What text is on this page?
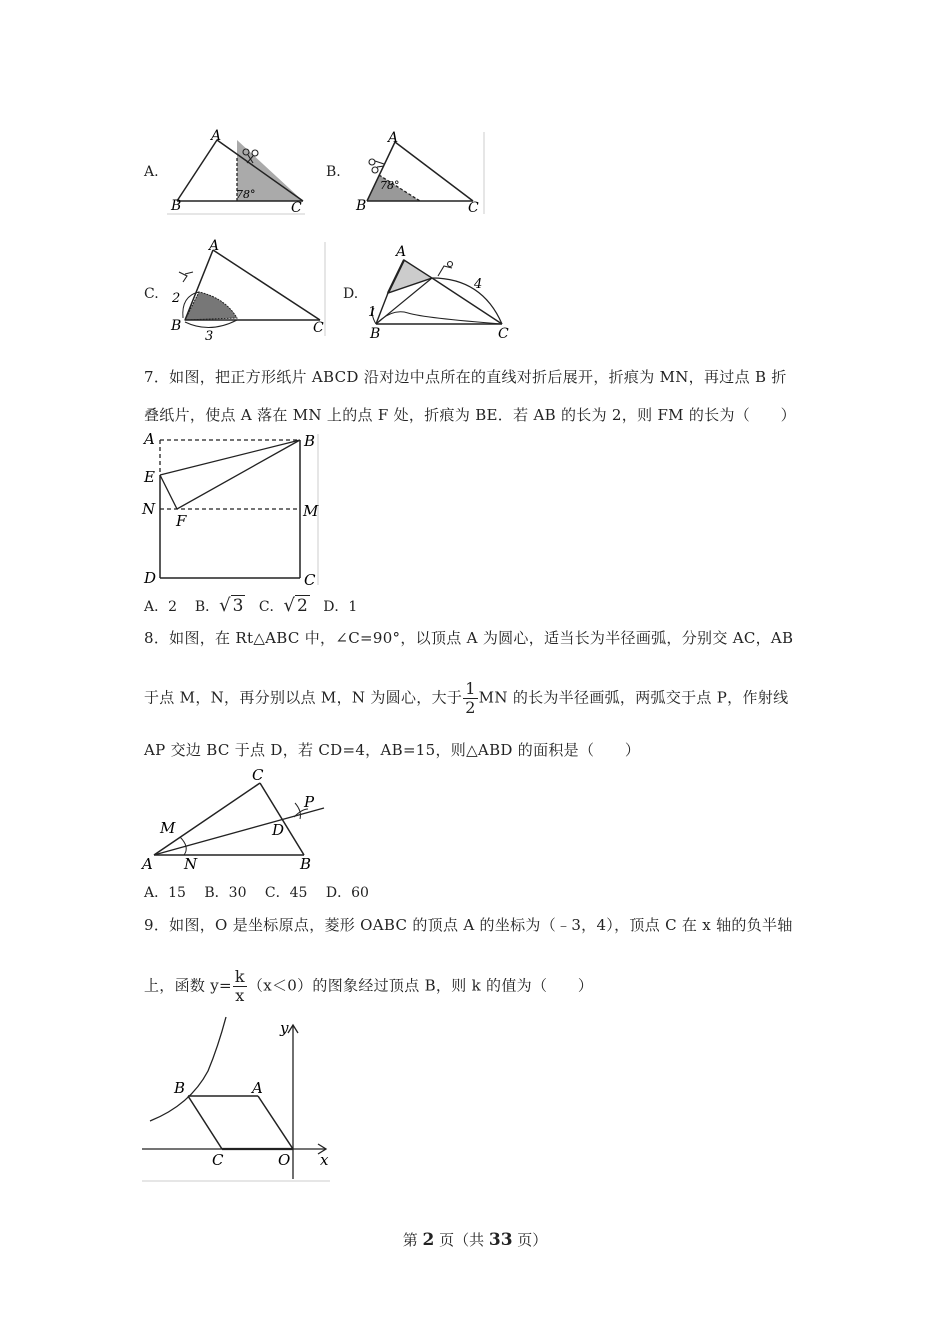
A.
A
B	C
78°
B.
A
B	C
78°
C.
A
B	C
2
3
D.
A
B	C
1
4
7．如图，把正方形纸片 ABCD 沿对边中点所在的直线对折后展开，折痕为 MN，再过点 B 折
叠纸片，使点 A 落在 MN 上的点 F 处，折痕为 BE．若 AB 的长为 2，则 FM 的长为（　　）
A	B
E
N
F
M
D	C
A．2 B．√ 3 C．√ 2 D．1
8．如图，在 Rt△ABC 中，∠C=90°，以顶点 A 为圆心，适当长为半径画弧，分别交 AC，AB
于点 M，N，再分别以点 M，N 为圆心，大于 $\frac{1}{2}$ MN 的长为半径画弧，两弧交于点 P，作射线
AP 交边 BC 于点 D，若 CD=4，AB=15，则△ABD 的面积是（　　）
C
P
M	D
A N	B
A．15　 B．30　 C．45　 D．60
9．如图，O 是坐标原点，菱形 OABC 的顶点 A 的坐标为（﹣3，4），顶点 C 在 x 轴的负半轴
上，函数 $y= \frac{k}{x} (x<0)$的图象经过顶点 B，则 k 的值为（　　）
y
B	A
C	O x
第 2 页（共 33 页）
